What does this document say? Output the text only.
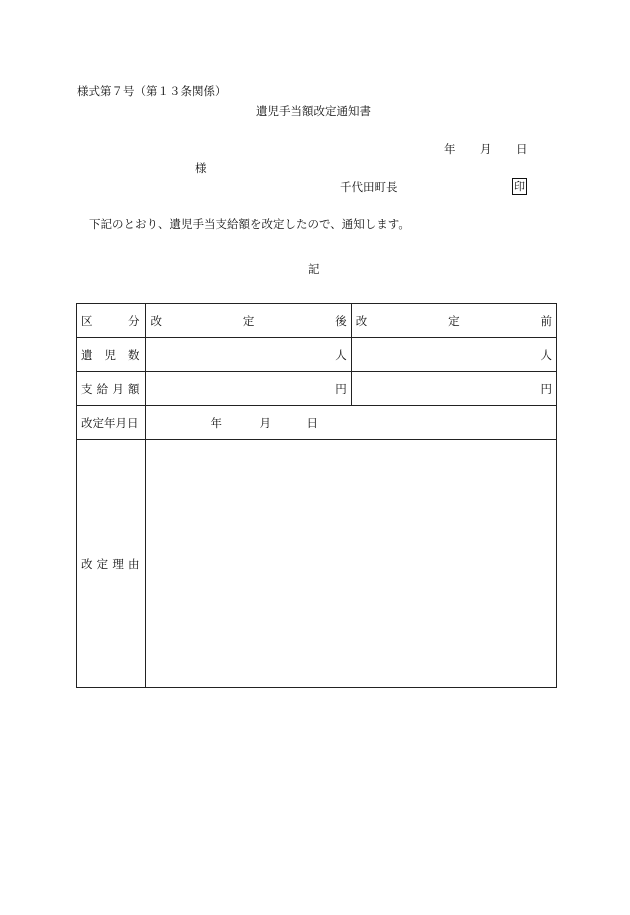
様式第７号（第１３条関係）
遺児手当額改定通知書
年 月 日
様
千代田町長	印
下記のとおり、遺児手当支給額を改定したので、通知します。
記
区 分	改 定 後	改 定 前

遺 児 数	人	人

支 給 月 額	円	円

改定年月日	年 月 日	

改 定 理 由		
